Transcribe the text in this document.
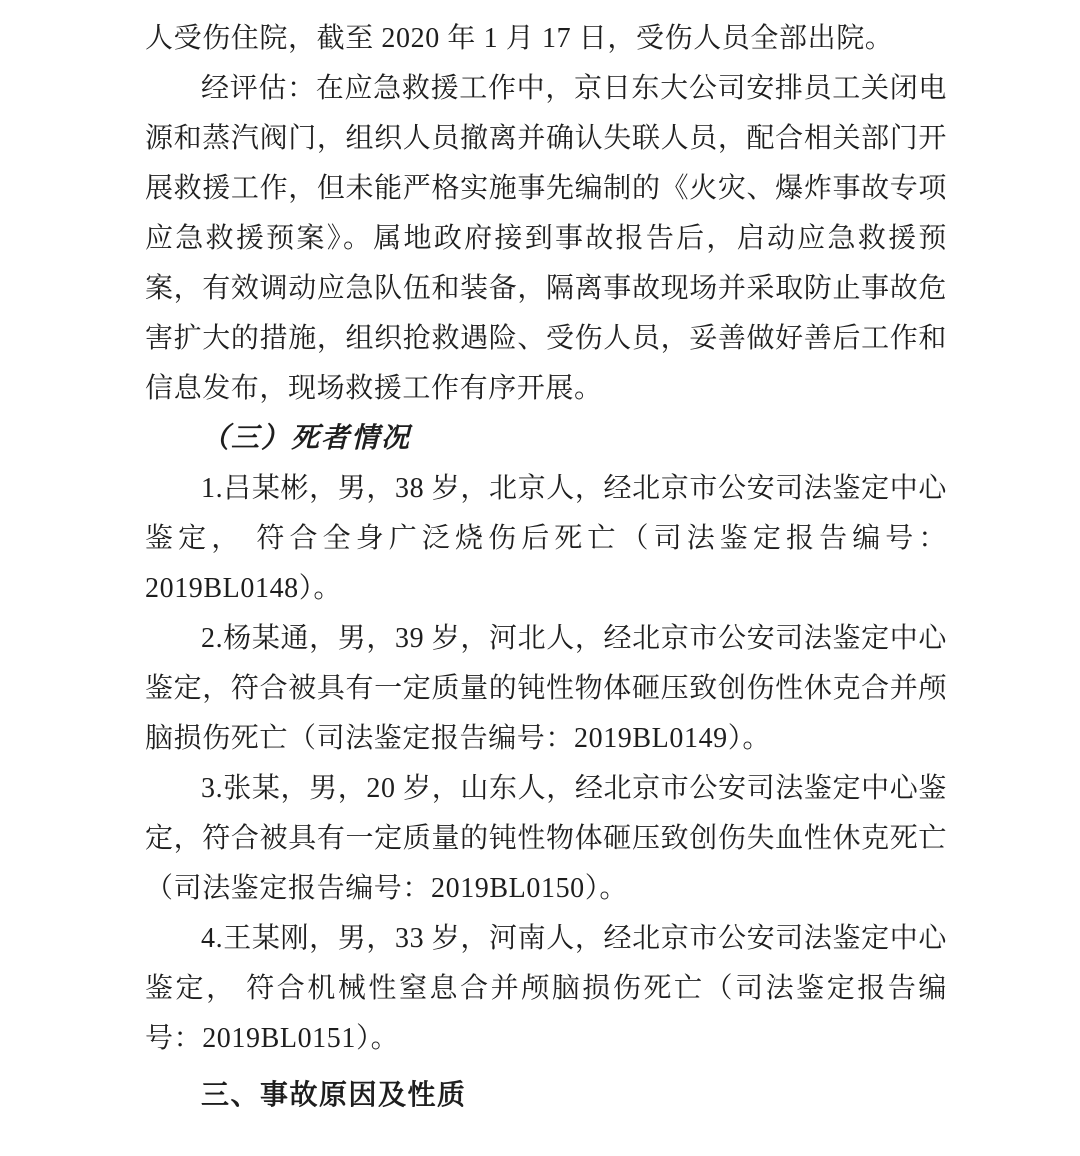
人受伤住院，截至 2020 年 1 月 17 日，受伤人员全部出院。

经评估：在应急救援工作中，京日东大公司安排员工关闭电源和蒸汽阀门，组织人员撤离并确认失联人员，配合相关部门开展救援工作，但未能严格实施事先编制的《火灾、爆炸事故专项应急救援预案》。属地政府接到事故报告后，启动应急救援预案，有效调动应急队伍和装备，隔离事故现场并采取防止事故危害扩大的措施，组织抢救遇险、受伤人员，妥善做好善后工作和信息发布，现场救援工作有序开展。

（三）死者情况

1.吕某彬，男，38 岁，北京人，经北京市公安司法鉴定中心鉴定， 符合全身广泛烧伤后死亡（司法鉴定报告编号：2019BL0148）。

2.杨某通，男，39 岁，河北人，经北京市公安司法鉴定中心鉴定，符合被具有一定质量的钝性物体砸压致创伤性休克合并颅脑损伤死亡（司法鉴定报告编号：2019BL0149）。

3.张某，男，20 岁，山东人，经北京市公安司法鉴定中心鉴定，符合被具有一定质量的钝性物体砸压致创伤失血性休克死亡（司法鉴定报告编号：2019BL0150）。

4.王某刚，男，33 岁，河南人，经北京市公安司法鉴定中心鉴定， 符合机械性窒息合并颅脑损伤死亡（司法鉴定报告编号：2019BL0151）。

三、事故原因及性质
